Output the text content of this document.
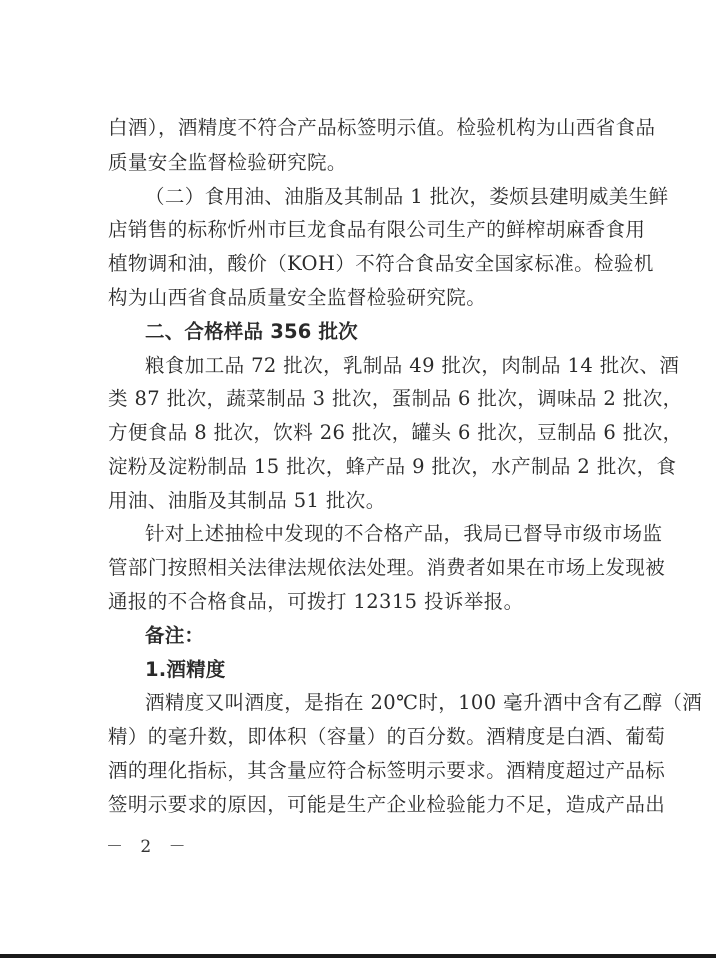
白酒），酒精度不符合产品标签明示值。检验机构为山西省食品
质量安全监督检验研究院。
（二）食用油、油脂及其制品 1 批次，娄烦县建明威美生鲜
店销售的标称忻州市巨龙食品有限公司生产的鲜榨胡麻香食用
植物调和油，酸价（KOH）不符合食品安全国家标准。检验机
构为山西省食品质量安全监督检验研究院。
二、合格样品 356 批次
粮食加工品 72 批次，乳制品 49 批次，肉制品 14 批次、酒
类 87 批次，蔬菜制品 3 批次，蛋制品 6 批次，调味品 2 批次，
方便食品 8 批次，饮料 26 批次，罐头 6 批次，豆制品 6 批次，
淀粉及淀粉制品 15 批次，蜂产品 9 批次，水产制品 2 批次，食
用油、油脂及其制品 51 批次。
针对上述抽检中发现的不合格产品，我局已督导市级市场监
管部门按照相关法律法规依法处理。消费者如果在市场上发现被
通报的不合格食品，可拨打 12315 投诉举报。
备注：
1.酒精度
酒精度又叫酒度，是指在 20℃时，100 毫升酒中含有乙醇（酒
精）的毫升数，即体积（容量）的百分数。酒精度是白酒、葡萄
酒的理化指标，其含量应符合标签明示要求。酒精度超过产品标
签明示要求的原因，可能是生产企业检验能力不足，造成产品出
－ 2 －
